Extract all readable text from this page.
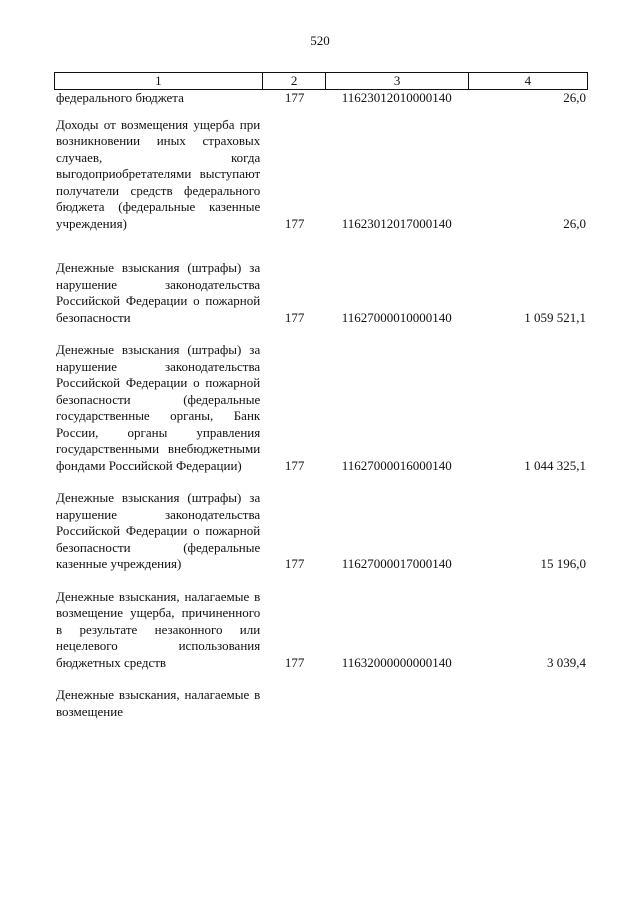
520
1	2	3	4
федерального бюджета	177	11623012010000140	26,0
Доходы от возмещения ущерба при возникновении иных страховых случаев, когда выгодоприобретателями выступают получатели средств федерального бюджета (федеральные казенные учреждения)	177	11623012017000140	26,0
Денежные взыскания (штрафы) за нарушение законодательства Российской Федерации о пожарной безопасности	177	11627000010000140	1 059 521,1
Денежные взыскания (штрафы) за нарушение законодательства Российской Федерации о пожарной безопасности (федеральные государственные органы, Банк России, органы управления государственными внебюджетными фондами Российской Федерации)	177	11627000016000140	1 044 325,1
Денежные взыскания (штрафы) за нарушение законодательства Российской Федерации о пожарной безопасности (федеральные казенные учреждения)	177	11627000017000140	15 196,0
Денежные взыскания, налагаемые в возмещение ущерба, причиненного в результате незаконного или нецелевого использования бюджетных средств	177	11632000000000140	3 039,4
Денежные взыскания, налагаемые в возмещение
